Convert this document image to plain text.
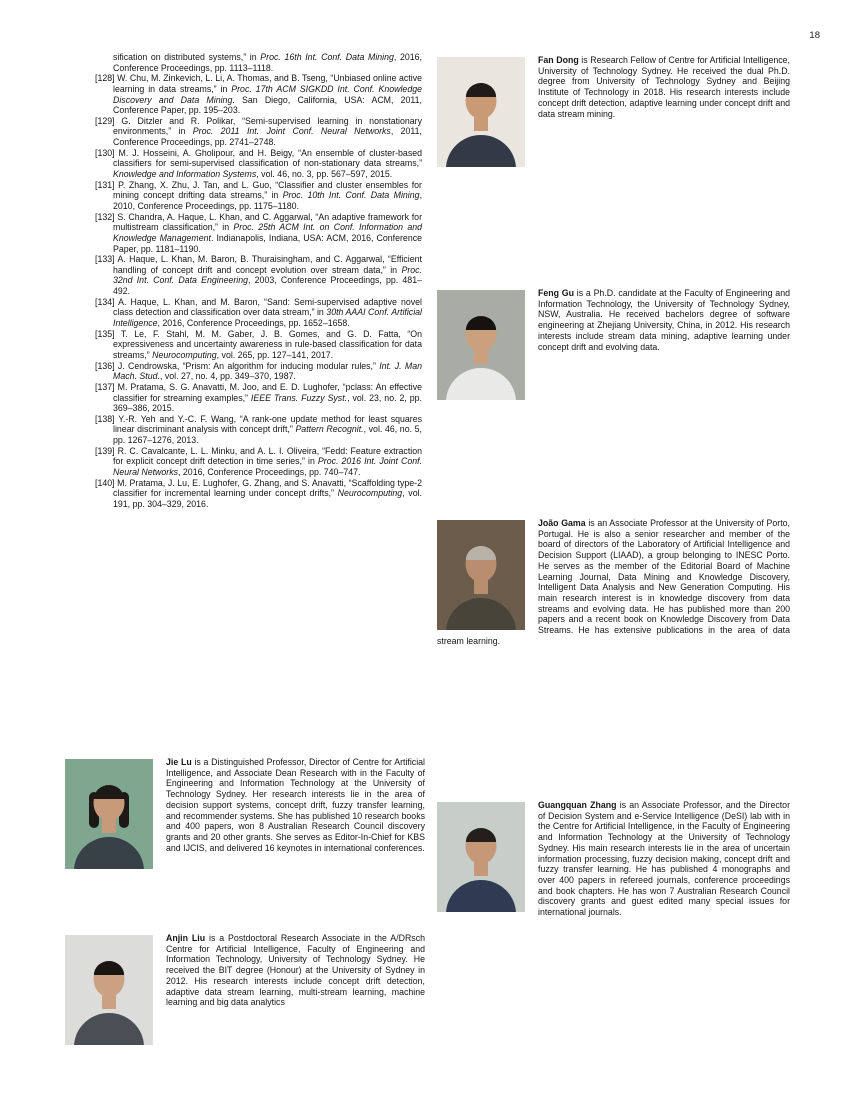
18

sification on distributed systems,” in Proc. 16th Int. Conf. Data Mining, 2016, Conference Proceedings, pp. 1113–1118.

[128] W. Chu, M. Zinkevich, L. Li, A. Thomas, and B. Tseng, “Unbiased online active learning in data streams,” in Proc. 17th ACM SIGKDD Int. Conf. Knowledge Discovery and Data Mining. San Diego, California, USA: ACM, 2011, Conference Paper, pp. 195–203.
[129] G. Ditzler and R. Polikar, “Semi-supervised learning in nonstationary environments,” in Proc. 2011 Int. Joint Conf. Neural Networks, 2011, Conference Proceedings, pp. 2741–2748.
[130] M. J. Hosseini, A. Gholipour, and H. Beigy, “An ensemble of cluster-based classifiers for semi-supervised classification of non-stationary data streams,” Knowledge and Information Systems, vol. 46, no. 3, pp. 567–597, 2015.
[131] P. Zhang, X. Zhu, J. Tan, and L. Guo, “Classifier and cluster ensembles for mining concept drifting data streams,” in Proc. 10th Int. Conf. Data Mining, 2010, Conference Proceedings, pp. 1175–1180.
[132] S. Chandra, A. Haque, L. Khan, and C. Aggarwal, “An adaptive framework for multistream classification,” in Proc. 25th ACM Int. on Conf. Information and Knowledge Management. Indianapolis, Indiana, USA: ACM, 2016, Conference Paper, pp. 1181–1190.
[133] A. Haque, L. Khan, M. Baron, B. Thuraisingham, and C. Aggarwal, “Efficient handling of concept drift and concept evolution over stream data,” in Proc. 32nd Int. Conf. Data Engineering, 2003, Conference Proceedings, pp. 481–492.
[134] A. Haque, L. Khan, and M. Baron, “Sand: Semi-supervised adaptive novel class detection and classification over data stream,” in 30th AAAI Conf. Artificial Intelligence, 2016, Conference Proceedings, pp. 1652–1658.
[135] T. Le, F. Stahl, M. M. Gaber, J. B. Gomes, and G. D. Fatta, “On expressiveness and uncertainty awareness in rule-based classification for data streams,” Neurocomputing, vol. 265, pp. 127–141, 2017.
[136] J. Cendrowska, “Prism: An algorithm for inducing modular rules,” Int. J. Man Mach. Stud., vol. 27, no. 4, pp. 349–370, 1987.
[137] M. Pratama, S. G. Anavatti, M. Joo, and E. D. Lughofer, “pclass: An effective classifier for streaming examples,” IEEE Trans. Fuzzy Syst., vol. 23, no. 2, pp. 369–386, 2015.
[138] Y.-R. Yeh and Y.-C. F. Wang, “A rank-one update method for least squares linear discriminant analysis with concept drift,” Pattern Recognit., vol. 46, no. 5, pp. 1267–1276, 2013.
[139] R. C. Cavalcante, L. L. Minku, and A. L. I. Oliveira, “Fedd: Feature extraction for explicit concept drift detection in time series,” in Proc. 2016 Int. Joint Conf. Neural Networks, 2016, Conference Proceedings, pp. 740–747.
[140] M. Pratama, J. Lu, E. Lughofer, G. Zhang, and S. Anavatti, “Scaffolding type-2 classifier for incremental learning under concept drifts,” Neurocomputing, vol. 191, pp. 304–329, 2016.

Fan Dong is Research Fellow of Centre for Artificial Intelligence, University of Technology Sydney. He received the dual Ph.D. degree from University of Technology Sydney and Beijing Institute of Technology in 2018. His research interests include concept drift detection, adaptive learning under concept drift and data stream mining.

Feng Gu is a Ph.D. candidate at the Faculty of Engineering and Information Technology, the University of Technology Sydney, NSW, Australia. He received bachelors degree of software engineering at Zhejiang University, China, in 2012. His research interests include stream data mining, adaptive learning under concept drift and evolving data.

João Gama is an Associate Professor at the University of Porto, Portugal. He is also a senior researcher and member of the board of directors of the Laboratory of Artificial Intelligence and Decision Support (LIAAD), a group belonging to INESC Porto. He serves as the member of the Editorial Board of Machine Learning Journal, Data Mining and Knowledge Discovery, Intelligent Data Analysis and New Generation Computing. His main research interest is in knowledge discovery from data streams and evolving data. He has published more than 200 papers and a recent book on Knowledge Discovery from Data Streams. He has extensive publications in the area of data stream learning.

Jie Lu is a Distinguished Professor, Director of Centre for Artificial Intelligence, and Associate Dean Research with in the Faculty of Engineering and Information Technology at the University of Technology Sydney. Her research interests lie in the area of decision support systems, concept drift, fuzzy transfer learning, and recommender systems. She has published 10 research books and 400 papers, won 8 Australian Research Council discovery grants and 20 other grants. She serves as Editor-In-Chief for KBS and IJCIS, and delivered 16 keynotes in international conferences.

Anjin Liu is a Postdoctoral Research Associate in the A/DRsch Centre for Artificial Intelligence, Faculty of Engineering and Information Technology, University of Technology Sydney. He received the BIT degree (Honour) at the University of Sydney in 2012. His research interests include concept drift detection, adaptive data stream learning, multi-stream learning, machine learning and big data analytics

Guangquan Zhang is an Associate Professor, and the Director of Decision System and e-Service Intelligence (DeSI) lab with in the Centre for Artificial Intelligence, in the Faculty of Engineering and Information Technology at the University of Technology Sydney. His main research interests lie in the area of uncertain information processing, fuzzy decision making, concept drift and fuzzy transfer learning. He has published 4 monographs and over 400 papers in refereed journals, conference proceedings and book chapters. He has won 7 Australian Research Council discovery grants and guest edited many special issues for international journals.
